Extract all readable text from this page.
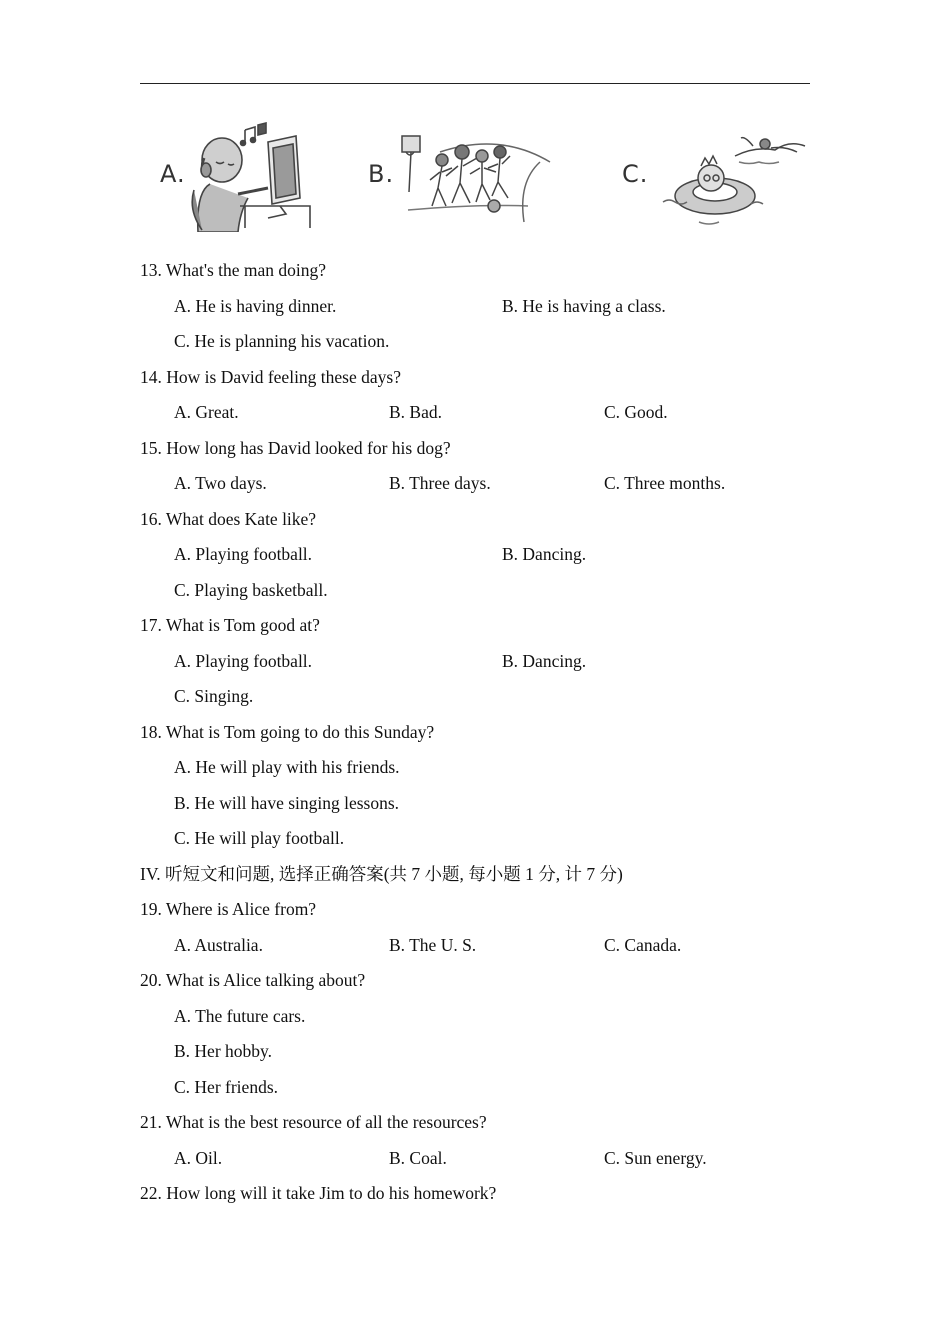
A.	B.	C.
13. What's the man doing?
A. He is having dinner.	B. He is having a class.
C. He is planning his vacation.
14. How is David feeling these days?
A. Great.	B. Bad.	C. Good.
15. How long has David looked for his dog?
A. Two days.	B. Three days.	C. Three months.
16. What does Kate like?
A. Playing football.	B. Dancing.
C. Playing basketball.
17. What is Tom good at?
A. Playing football.	B. Dancing.
C. Singing.
18. What is Tom going to do this Sunday?
A. He will play with his friends.
B. He will have singing lessons.
C. He will play football.
IV. 听短文和问题, 选择正确答案(共 7 小题, 每小题 1 分, 计 7 分)
19. Where is Alice from?
A. Australia.	B. The U. S.	C. Canada.
20. What is Alice talking about?
A. The future cars.
B. Her hobby.
C. Her friends.
21. What is the best resource of all the resources?
A. Oil.	B. Coal.	C. Sun energy.
22. How long will it take Jim to do his homework?
